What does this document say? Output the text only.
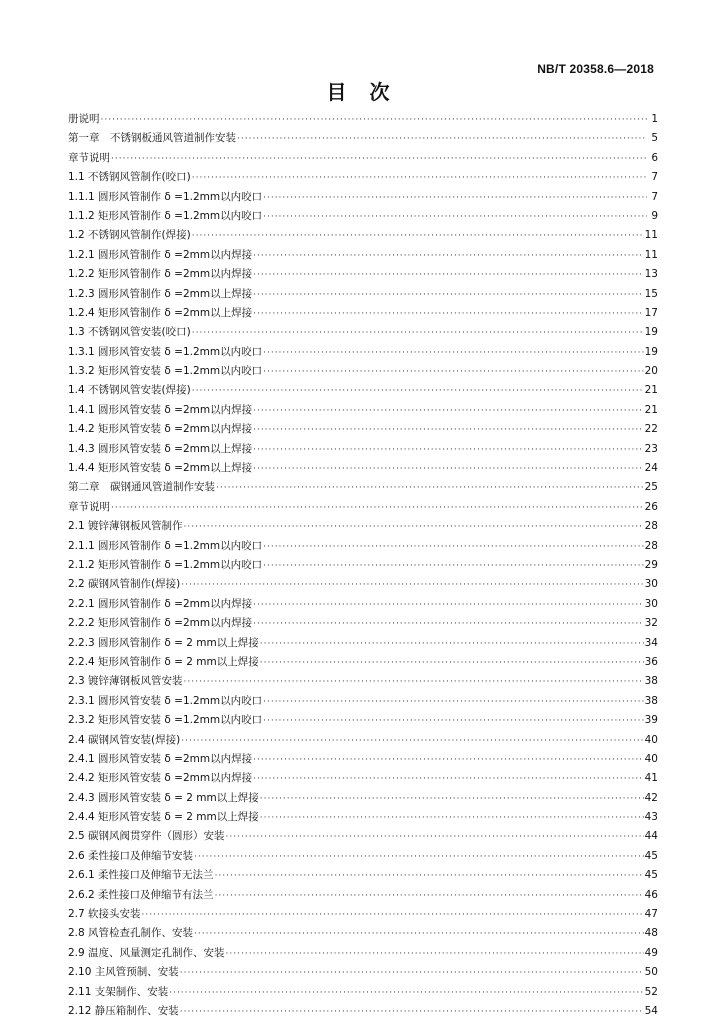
NB/T 20358.6—2018
目 次
册说明 ·····	1
第一章　不锈钢板通风管道制作安装 ·····	5
章节说明 ·····	6
1.1 不锈钢风管制作(咬口) ·····	7
1.1.1 圆形风管制作 δ =1.2mm以内咬口 ·····	7
1.1.2 矩形风管制作 δ =1.2mm以内咬口 ·····	9
1.2 不锈钢风管制作(焊接) ·····	11
1.2.1 圆形风管制作 δ =2mm以内焊接 ·····	11
1.2.2 矩形风管制作 δ =2mm以内焊接 ·····	13
1.2.3 圆形风管制作 δ =2mm以上焊接 ·····	15
1.2.4 矩形风管制作 δ =2mm以上焊接 ·····	17
1.3 不锈钢风管安装(咬口) ·····	19
1.3.1 圆形风管安装 δ =1.2mm以内咬口 ·····	19
1.3.2 矩形风管安装 δ =1.2mm以内咬口 ·····	20
1.4 不锈钢风管安装(焊接) ·····	21
1.4.1 圆形风管安装 δ =2mm以内焊接 ·····	21
1.4.2 矩形风管安装 δ =2mm以内焊接 ·····	22
1.4.3 圆形风管安装 δ =2mm以上焊接 ·····	23
1.4.4 矩形风管安装 δ =2mm以上焊接 ·····	24
第二章　碳钢通风管道制作安装 ·····	25
章节说明 ·····	26
2.1 镀锌薄钢板风管制作 ·····	28
2.1.1 圆形风管制作 δ =1.2mm以内咬口 ·····	28
2.1.2 矩形风管制作 δ =1.2mm以内咬口 ·····	29
2.2 碳钢风管制作(焊接) ·····	30
2.2.1 圆形风管制作 δ =2mm以内焊接 ·····	30
2.2.2 矩形风管制作 δ =2mm以内焊接 ·····	32
2.2.3 圆形风管制作 δ = 2 mm以上焊接 ·····	34
2.2.4 矩形风管制作 δ = 2 mm以上焊接 ·····	36
2.3 镀锌薄钢板风管安装 ·····	38
2.3.1 圆形风管安装 δ =1.2mm以内咬口 ·····	38
2.3.2 矩形风管安装 δ =1.2mm以内咬口 ·····	39
2.4 碳钢风管安装(焊接) ·····	40
2.4.1 圆形风管安装 δ =2mm以内焊接 ·····	40
2.4.2 矩形风管安装 δ =2mm以内焊接 ·····	41
2.4.3 圆形风管安装 δ = 2 mm以上焊接 ·····	42
2.4.4 矩形风管安装 δ = 2 mm以上焊接 ·····	43
2.5 碳钢风阀贯穿件（圆形）安装 ·····	44
2.6 柔性接口及伸缩节安装 ·····	45
2.6.1 柔性接口及伸缩节无法兰 ·····	45
2.6.2 柔性接口及伸缩节有法兰 ·····	46
2.7 软接头安装 ·····	47
2.8 风管检查孔制作、安装 ·····	48
2.9 温度、风量测定孔制作、安装 ·····	49
2.10 主风管预制、安装 ·····	50
2.11 支架制作、安装 ·····	52
2.12 静压箱制作、安装 ·····	54
